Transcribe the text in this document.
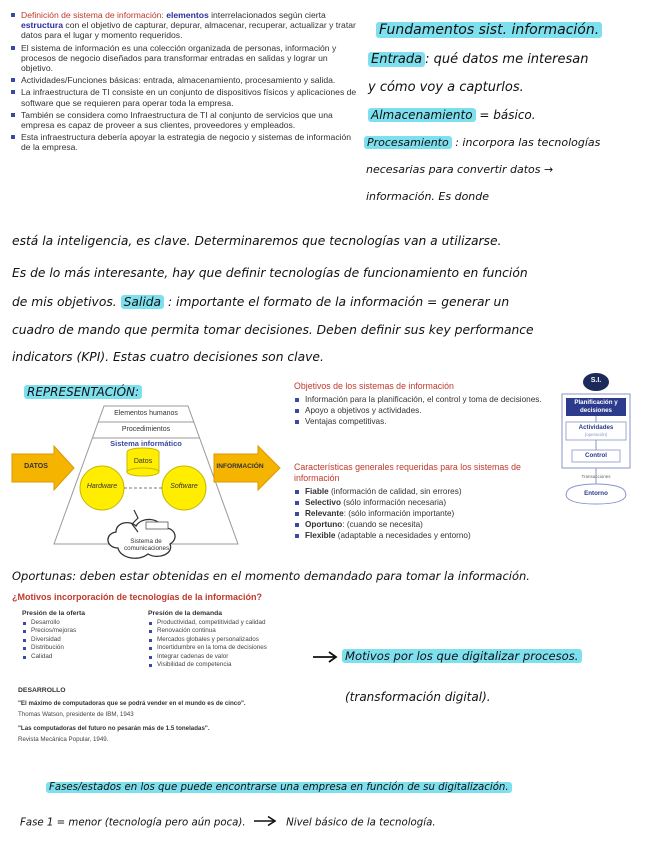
Definición de sistema de información: elementos interrelacionados según cierta estructura con el objetivo de capturar, depurar, almacenar, recuperar, actualizar y tratar datos para el lugar y momento requeridos.
El sistema de información es una colección organizada de personas, información y procesos de negocio diseñados para transformar entradas en salidas y lograr un objetivo.
Actividades/Funciones básicas: entrada, almacenamiento, procesamiento y salida.
La infraestructura de TI consiste en un conjunto de dispositivos físicos y aplicaciones de software que se requieren para operar toda la empresa.
También se considera como Infraestructura de TI al conjunto de servicios que una empresa es capaz de proveer a sus clientes, proveedores y empleados.
Esta infraestructura debería apoyar la estrategia de negocio y sistemas de información de la empresa.
Fundamentos sist. información.
Entrada : qué datos me interesan
y cómo voy a capturlos.
Almacenamiento = básico.
Procesamiento : incorpora las tecnologías
necesarias para convertir datos →
información. Es donde
está la inteligencia, es clave. Determinaremos que tecnologías van a utilizarse.
Es de lo más interesante, hay que definir tecnologías de funcionamiento en función
de mis objetivos. Salida : importante el formato de la información = generar un
cuadro de mando que permita tomar decisiones. Deben definir sus key performance
indicators (KPI). Estas cuatro decisiones son clave.
REPRESENTACIÓN:
Elementos humanos
Procedimientos
Sistema informático
Datos
Hardware	Software
DATOS	INFORMACIÓN
Sistema de comunicaciones
Objetivos de los sistemas de información
Información para la planificación, el control y toma de decisiones.
Apoyo a objetivos y actividades.
Ventajas competitivas.
Características generales requeridas para los sistemas de información
Fiable (información de calidad, sin errores)
Selectivo (sólo información necesaria)
Relevante: (sólo información importante)
Oportuno: (cuando se necesita)
Flexible (adaptable a necesidades y entorno)
S.I.
Planificación y decisiones
Actividades
(operación)
Control
Transacciones
Entorno
Oportunas: deben estar obtenidas en el momento demandado para tomar la información.
¿Motivos incorporación de tecnologías de la información?
Presión de la oferta
Desarrollo
Precios/mejoras
Diversidad
Distribución
Calidad
Presión de la demanda
Productividad, competitividad y calidad
Renovación continua
Mercados globales y personalizados
Incertidumbre en la toma de decisiones
Integrar cadenas de valor
Visibilidad de competencia
DESARROLLO
"El máximo de computadoras que se podrá vender en el mundo es de cinco".
Thomas Watson, presidente de IBM, 1943
"Las computadoras del futuro no pesarán más de 1.5 toneladas".
Revista Mecánica Popular, 1949.
Motivos por los que digitalizar procesos.
(transformación digital).
Fases/estados en los que puede encontrarse una empresa en función de su digitalización.
Fase 1 = menor (tecnología pero aún poca).	Nivel básico de la tecnología.
